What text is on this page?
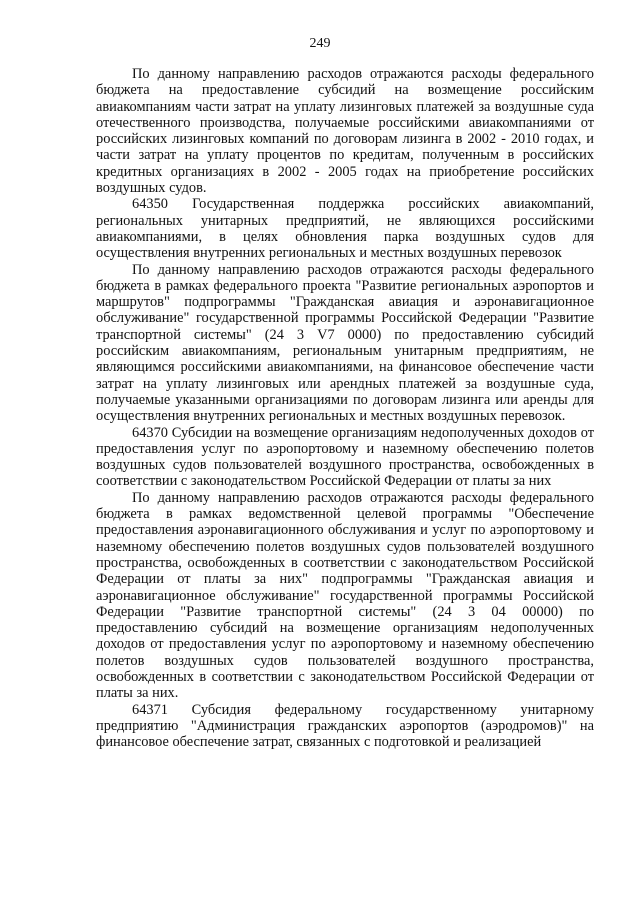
249

По данному направлению расходов отражаются расходы федерального бюджета на предоставление субсидий на возмещение российским авиакомпаниям части затрат на уплату лизинговых платежей за воздушные суда отечественного производства, получаемые российскими авиакомпаниями от российских лизинговых компаний по договорам лизинга в 2002 - 2010 годах, и части затрат на уплату процентов по кредитам, полученным в российских кредитных организациях в 2002 - 2005 годах на приобретение российских воздушных судов.

64350 Государственная поддержка российских авиакомпаний, региональных унитарных предприятий, не являющихся российскими авиакомпаниями, в целях обновления парка воздушных судов для осуществления внутренних региональных и местных воздушных перевозок

По данному направлению расходов отражаются расходы федерального бюджета в рамках федерального проекта "Развитие региональных аэропортов и маршрутов" подпрограммы "Гражданская авиация и аэронавигационное обслуживание" государственной программы Российской Федерации "Развитие транспортной системы" (24 3 V7 0000) по предоставлению субсидий российским авиакомпаниям, региональным унитарным предприятиям, не являющимся российскими авиакомпаниями, на финансовое обеспечение части затрат на уплату лизинговых или арендных платежей за воздушные суда, получаемые указанными организациями по договорам лизинга или аренды для осуществления внутренних региональных и местных воздушных перевозок.

64370 Субсидии на возмещение организациям недополученных доходов от предоставления услуг по аэропортовому и наземному обеспечению полетов воздушных судов пользователей воздушного пространства, освобожденных в соответствии с законодательством Российской Федерации от платы за них

По данному направлению расходов отражаются расходы федерального бюджета в рамках ведомственной целевой программы "Обеспечение предоставления аэронавигационного обслуживания и услуг по аэропортовому и наземному обеспечению полетов воздушных судов пользователей воздушного пространства, освобожденных в соответствии с законодательством Российской Федерации от платы за них" подпрограммы "Гражданская авиация и аэронавигационное обслуживание" государственной программы Российской Федерации "Развитие транспортной системы" (24 3 04 00000) по предоставлению субсидий на возмещение организациям недополученных доходов от предоставления услуг по аэропортовому и наземному обеспечению полетов воздушных судов пользователей воздушного пространства, освобожденных в соответствии с законодательством Российской Федерации от платы за них.

64371 Субсидия федеральному государственному унитарному предприятию "Администрация гражданских аэропортов (аэродромов)" на финансовое обеспечение затрат, связанных с подготовкой и реализацией
